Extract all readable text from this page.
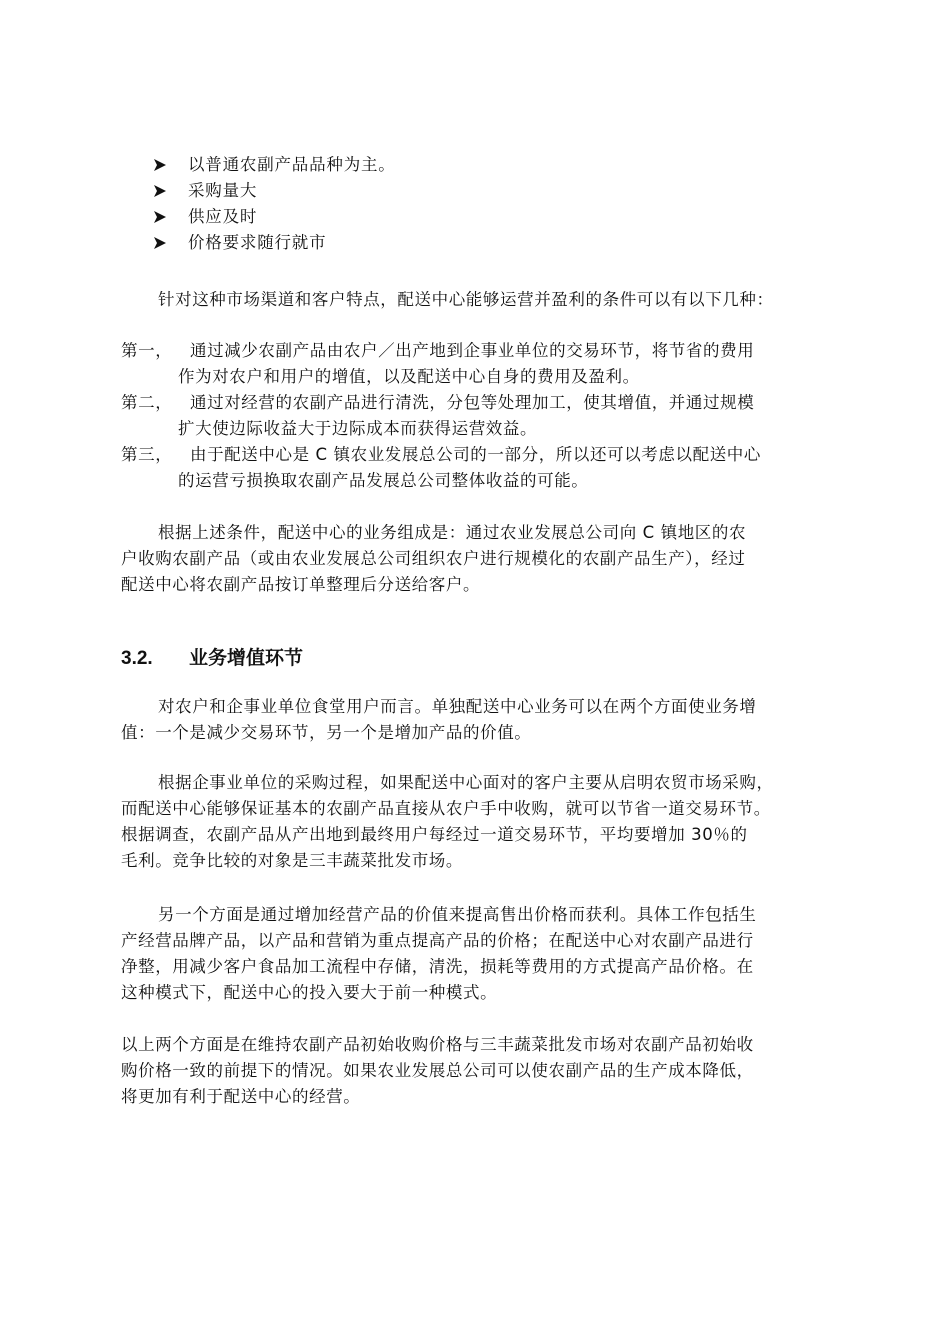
以普通农副产品品种为主。
采购量大
供应及时
价格要求随行就市
针对这种市场渠道和客户特点，配送中心能够运营并盈利的条件可以有以下几种：
第一， 通过减少农副产品由农户／出产地到企事业单位的交易环节，将节省的费用
作为对农户和用户的增值，以及配送中心自身的费用及盈利。
第二， 通过对经营的农副产品进行清洗，分包等处理加工，使其增值，并通过规模
扩大使边际收益大于边际成本而获得运营效益。
第三， 由于配送中心是 C 镇农业发展总公司的一部分，所以还可以考虑以配送中心
的运营亏损换取农副产品发展总公司整体收益的可能。
根据上述条件，配送中心的业务组成是：通过农业发展总公司向 C 镇地区的农
户收购农副产品（或由农业发展总公司组织农户进行规模化的农副产品生产），经过
配送中心将农副产品按订单整理后分送给客户。
3.2. 业务增值环节
对农户和企事业单位食堂用户而言。单独配送中心业务可以在两个方面使业务增
值：一个是减少交易环节，另一个是增加产品的价值。
根据企事业单位的采购过程，如果配送中心面对的客户主要从启明农贸市场采购，
而配送中心能够保证基本的农副产品直接从农户手中收购，就可以节省一道交易环节。
根据调查，农副产品从产出地到最终用户每经过一道交易环节，平均要增加 30％的
毛利。竞争比较的对象是三丰蔬菜批发市场。
另一个方面是通过增加经营产品的价值来提高售出价格而获利。具体工作包括生
产经营品牌产品，以产品和营销为重点提高产品的价格；在配送中心对农副产品进行
净整，用减少客户食品加工流程中存储，清洗，损耗等费用的方式提高产品价格。在
这种模式下，配送中心的投入要大于前一种模式。
以上两个方面是在维持农副产品初始收购价格与三丰蔬菜批发市场对农副产品初始收
购价格一致的前提下的情况。如果农业发展总公司可以使农副产品的生产成本降低，
将更加有利于配送中心的经营。
